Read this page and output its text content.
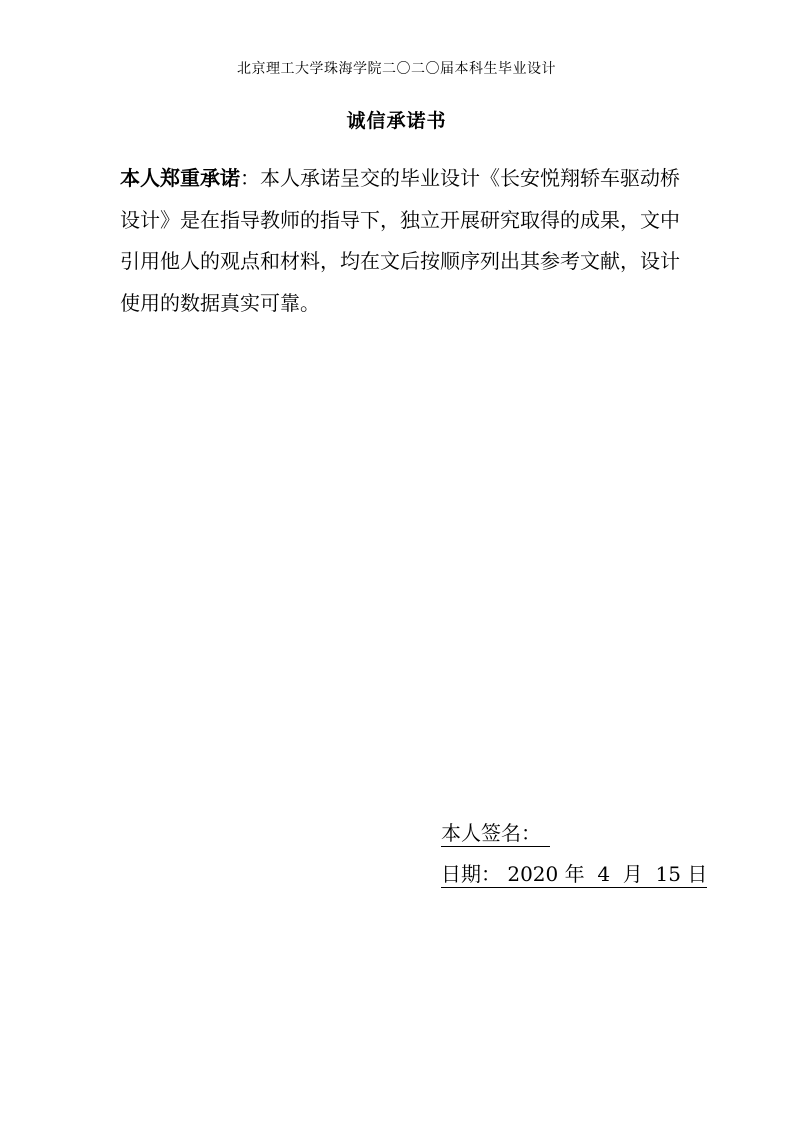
北京理工大学珠海学院二〇二〇届本科生毕业设计
诚信承诺书
本人郑重承诺：本人承诺呈交的毕业设计《长安悦翔轿车驱动桥设计》是在指导教师的指导下，独立开展研究取得的成果，文中引用他人的观点和材料，均在文后按顺序列出其参考文献，设计使用的数据真实可靠。
本人签名：
日期： 2020 年 4 月 15 日
